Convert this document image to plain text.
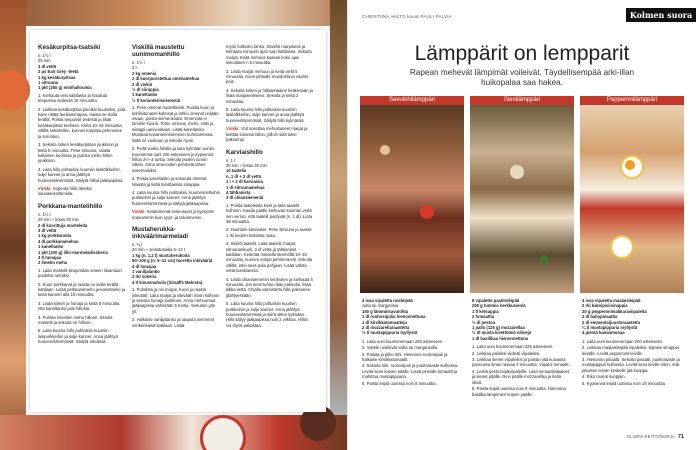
Kesäkurpitsa-tsatsiki
n. 1½ l
25 min
3 dl vettä
2 ps Earl Grey -teetä
1 kg kesäkurpitsaa
1 sitruuna
1 pkt (250 g) minihalloumia

1. Kiehauta vesi kattilassa ja hauduta teepussia vedessä 10 minuuttia.

2. Leikkaa kesäkurpitsa pieniksi kuutioiksi, joita tulee riittää teeslammapsa, raasta se isolla terällä. Poista teepussit vedestä ja lisää kesäkurpitsat teeheen. Keitä 10–15 minuuttia välillä sekoitellen, kunnes kurpitsa pehmenee ja suruntuu.

3. Sekoita sokeri kesäkurpitsan joukkoon ja keitä 5 minuuttia. Pese sitruuna, raasta kaltainen kuoriosa ja purista mehu hillon joukkoon.

4. Laita hillo puhtaisiin kuumiin lasitölkkeihin, sulje kannet ja anna jäähtyä huoneenlämmössä. Säilytä hilloa jääkaapissa.

Vinkki: Sopeuta hillo oikeiksi sauvasekoittimella.

Porkkana-mantelihillo
n. 1½ l
20 min + liotus 30 min
2 dl kuorittuja manteleita
3 dl vettä
1 kg porkkanoita
4 dl porkkanamehua
1 kaneltanko
1 pkt (330 g) lillo-marmeladisokeria
4 tl hunajaa
2 limetin mehu

1. Laita mantelit liinqomään veteen liioamaan puoleksi tunniksi.

2. Kuori porkkanat ja raasta ne isolla terällä kattilaan. Lisää porkkanamehu ja kaneltanko ja keitä kannen alla 10 minuuttia.

3. Lisää sokeri ja hunaja ja keitä 5 minuuttia. Ota kaneltanko pois hillosta.

4. Purista limettien mehu hilloon. Sitruliä mantelit ja sekoita ne hilloon.

5. Laita kuuma hillo puhtaisiin kuumiin lasipurkkeihin ja sulje kannet. Anna jäähtyä huoneenlämmössä. Säilytä viileässä.

Viskillä maustettu uunimomanhillo
n. 1½ l
3 t
2 kg omenia
2 dl kuorpuristettua omenamehua
2 dl viskiä
½ dl siirappia
1 kaneltanko
½ tl korianterinsiemeniä

1. Pese omenat huolellisesti. Puolita kuori ja kohlinitunaset kolmsat ja lohko omenat neljään osaan, poista siemenkodat. Omenoita ei tarvitse kuoria. Tome omenat, mehu, viski ja siirappi uunivuokaan. Lisää kaneltanko. Murskaa korianterinsiemenet huhmareessa, lisää ne vuokaan ja sekoita hyvin.

2. Peitä vuoka foliolla ja laita kylmään uuniin. Kuumenna uuni 200 asteeseen ja kypsennä hilloa 2½–3 tuntia. Sekoita puolen tunnin välein. Anna omenoiden pehmetä lähes sosemaisiksi.

3. Poista kaneltanko ja sosoruta omenat. Mausta ja lisää tarvittaessa siirappia.

4. Laita kuuma hillo puhtaisiin, kuumennettuihin purkkeihin ja sulje kannet. Anna jäähtyä huoneenlämmössä ja säilytä jääkaapissa.

Vinkki: Kesäomenat soseutuvat jo kypsyvät nopeammin kuin syys- ja talviomenat.

Mustaherukka-inkiväärimarmeladi
n. ¾ l
20 min + seisotusaika 5–12 t
1 kg (n. 1,2 l) mustaherukoita
50–100 g (n. 5–12 cm) tuoretta inkivääriä
4 dl hunajaa
1 vaniljatanko
2 rkl sokeria
4 tl kinusmuhvila (Siraäffs Melosta)

1. Puhdista ja rivi marjat. Kuori ja raasta inkivääri. Laita marjat ja inkivääri isoon kulhoon ja sekoita hunaja joukkoon. Anna mehuuntua jääkaapissa vähintään 5 tuntia, mieluiten yön yli.

2. Halkaise vaniljatanko ja raaputa siemenet verikenkäisä kattilaan. Lisää

myös hallooko tanko. Sävelöi marjaseos ja kiehauta minuutin ajan vain kattilassa. Sekoita marjat. Keitä mehuva kaasan koko ajan sekoittaen n 5 minuuttia.

3. Lisää marjat mehuun ja keitä vielä 5 minuuttia. Kuori pinnalle muodostuva vaahto pois.

4. Sekoita sokeri ja hillosettaaine keskenään ja lisää marjaseokseen. Sekoita ja keitä 2 minuuttia.

5. Laita kuuma hillo puhtaisiin kuumiin lasitölkkeihin, sulje kannet ja anna jäähtyä huoneenlämmössä. Säilytä hillo kylmässä.

Vinkki: Voit sosettaa mehustuneet marjat ja keittää sosesta hillon, jolloin siitä tulee paksumpi.

Karviaishillo
n. 1 l
30 min + liotus 30 min
10 taatelia
n. 1 dl + 2 dl vettä
1 l + 2 dl karviaisia
1 dl sitruunamehua
4 tähtianista
3 dl chiansiemeniä

1. Poista taateleista kivet ja laita taatelit kulhoon. Kaada päälle kiehuvan kuuman vettä sen verran, että taatelit peittyvät (n. 1 dl). Liota 30 minuuttia.

2. Huuhtele karviaiset. Pese sitruuna ja raasta 1 rkl kuoren keltaista osaa.

3. Siivilöi taatelit. Laita taatelit, marjat, sitruunankuori, 2 dl vettä ja tähtianiset kattilaan. Keitetää miedolla lämmöllä 10–15 minuuttia, kunnes marjat pehmenevät. Sekoita välillä, ettei seos pala pohjaan. Lisää vähän vettä tarvittaessa.

4. Lisää chiansiemenet seokseen ja kiehauta 5 minuuttia. Jos seos tuntuu liian paksulta, lisää tilkka vettä. Chialla valmistettu hillo paksunee jäähtyessään.

5. Laita kuuma hillo puhtaisiin kuumiin purkkeihin ja sulje kannet. Anna jäähtyä huoneenlämmössä ja siirrä sitten kylmään. Hillo säilyy jääkaapissa noin 2 viikkoa. Hillon voi myös pakastaa.

CHRISTIINA AALTO kuvat PAULI PALVIA	Kolmen suora
Lämppärit on lempparit
Rapean mehevät lämpimät voileivät. Täydellisempää arki-illan
huikopalaa saa hakea.
Savulohilämppäri	Sienilämppäri	Pepperonilämppäri
4 isoa vipaletta ruisleipää
voita tai margariinia
150 g lämminsavulohta
1 dl ruohosipulia hienonnettuna
1 dl kirsikkatomaatteja
2 dl mozzarellaraastetta
½ tl mustapippuria myllystä

1. Laita uuni kuumenemaan 225 asteeseen.

2. Voitele ruisleivät voilla tai margariinilla.

3. Paloita ja pilko lohi. Hienonna ruohosipuli ja halkaise kirsikkatomaatit.

4. Sekoita lohi, ruohosipuli ja juustoraaste kulhossa. Levitä seos leipien päälle. Lisää pinnalle tomaatit ja rouhittua mustapippuria.

5. Paista leipiä uunissa noin 8 minuuttia.

8 vipaletta paahtoleipää
200 g tummia herkkusieniä
1 tl ketsuppia
2 tomaattia
½ dl pestoa
1 pallo (125 g) mozzarellaa
½ dl musta kivettömiä oliiveja
1 dl basilikaa hienonnettuna

1. Laita uuni kuumenemaan 225 asteeseen.

2. Leikkaa paloiksi viidesti viipaleiksi.

3. Leikkaa sienet viipaleiksi ja paista niitä kuivassa pannussa ilman rasvaa 3 minuuttia. Viipaloi tomaatit.

4. Levitä pesto leipäviipaleille. Laita tomaattiviipaleet ja sienet päälle. Revi päälle mozzarellaa ja lisää oliivit.

5. Paista leipiä uunissa noin 8 minuuttia. Hienonna basilika lämpimien leipien päälle.

4 isoa vipaletta maalaisleipää
2 rkl kaksipiviisinappia
20 g pepperonimakkaraviipaleita
2 dl babypinaattia
2 dl emmentaljuustoraastetta
¼ tl mustapippuria myllystä
4 pientä kananmunaa

1. Laita uuni kuumenemaan 200 asteeseen.

2. Leikkaa maalaisleipää vipaleiksi. Sipaise sinappia leivälle. Levitä pepperonit leiville.

3. Hienonna pinaatti. Sekoita pinaatti, juustoraaste ja mustapippuri kulhossa. Levitä seos leiville siten, että jokaisen leivän keskelle jää kuoppa.

4. Riko munat kuoppiin.

5. Kypsennä leipiä uunissa noin 10 minuuttia.

GLORIA KEITTIÖKIRJA 71
